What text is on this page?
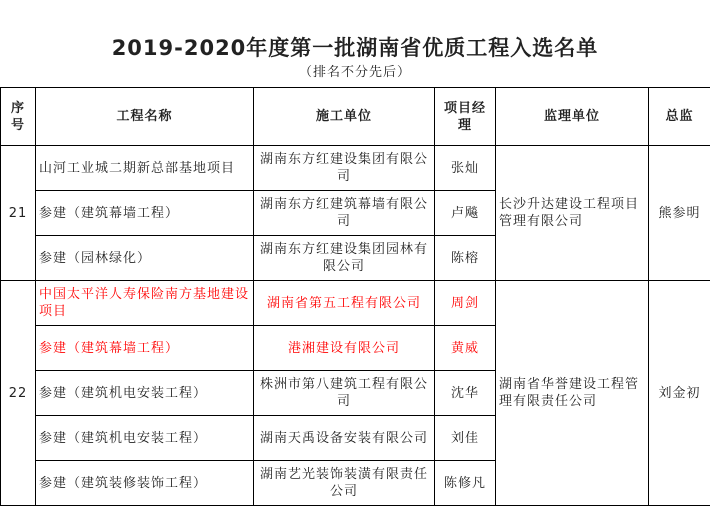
2019-2020年度第一批湖南省优质工程入选名单
（排名不分先后）
序号	工程名称	施工单位	项目经理	监理单位	总监
21	山河工业城二期新总部基地项目	湖南东方红建设集团有限公司	张灿	长沙升达建设工程项目管理有限公司	熊参明
	参建（建筑幕墙工程）	湖南东方红建筑幕墙有限公司	卢飚		
	参建（园林绿化）	湖南东方红建设集团园林有限公司	陈榕		
22	中国太平洋人寿保险南方基地建设项目	湖南省第五工程有限公司	周剑	湖南省华誉建设工程管理有限责任公司	刘金初
	参建（建筑幕墙工程）	港湘建设有限公司	黄威		
	参建（建筑机电安装工程）	株洲市第八建筑工程有限公司	沈华		
	参建（建筑机电安装工程）	湖南天禹设备安装有限公司	刘佳		
	参建（建筑装修装饰工程）	湖南艺光装饰装潢有限责任公司	陈修凡		
